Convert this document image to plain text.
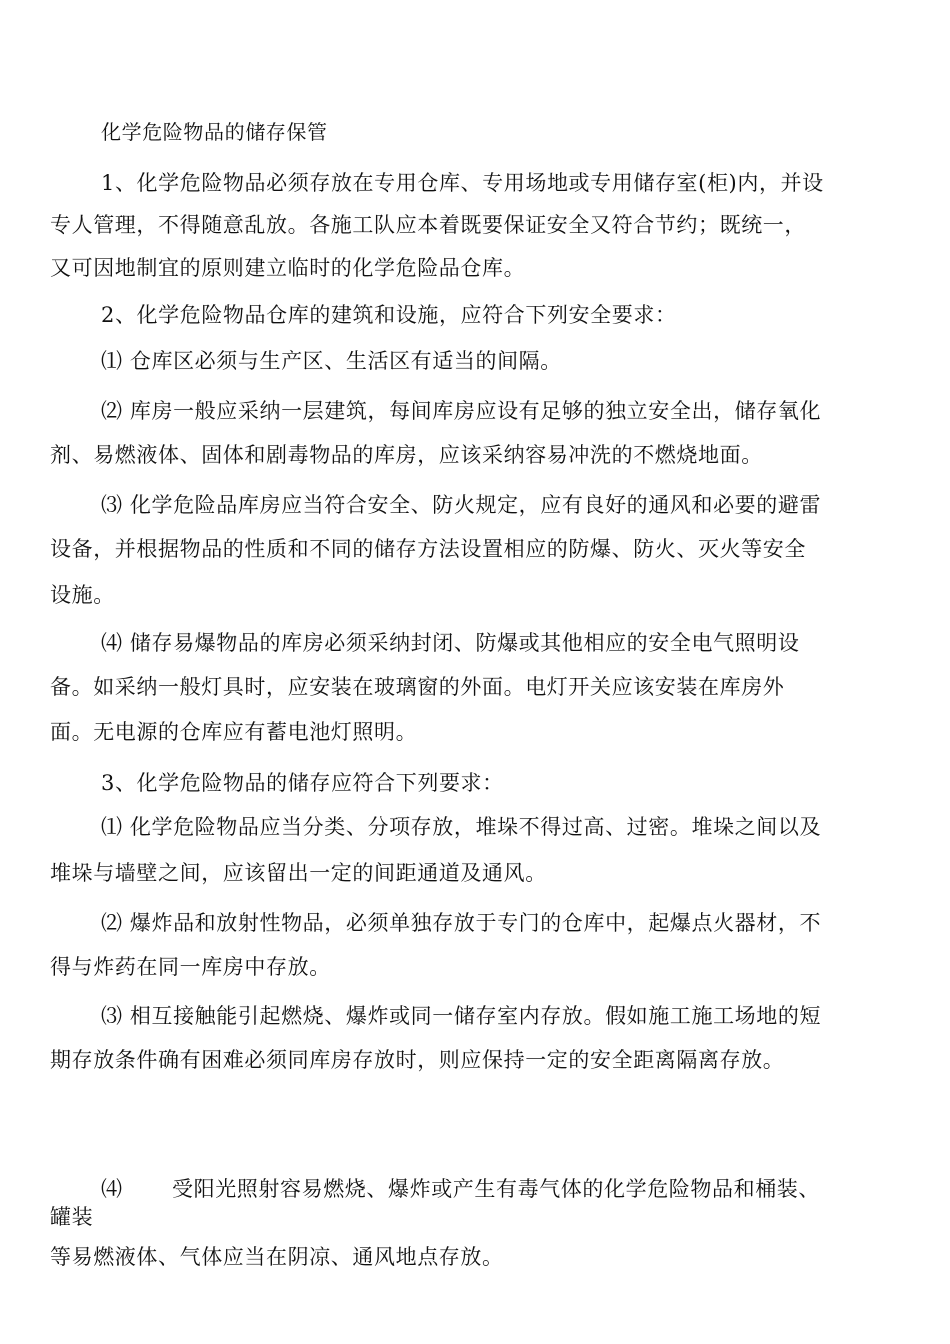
化学危险物品的储存保管
1、化学危险物品必须存放在专用仓库、专用场地或专用储存室(柜)内，并设
专人管理，不得随意乱放。各施工队应本着既要保证安全又符合节约；既统一，
又可因地制宜的原则建立临时的化学危险品仓库。
2、化学危险物品仓库的建筑和设施，应符合下列安全要求：
⑴ 仓库区必须与生产区、生活区有适当的间隔。
⑵ 库房一般应采纳一层建筑，每间库房应设有足够的独立安全出，储存氧化
剂、易燃液体、固体和剧毒物品的库房，应该采纳容易冲洗的不燃烧地面。
⑶ 化学危险品库房应当符合安全、防火规定，应有良好的通风和必要的避雷
设备，并根据物品的性质和不同的储存方法设置相应的防爆、防火、灭火等安全
设施。
⑷ 储存易爆物品的库房必须采纳封闭、防爆或其他相应的安全电气照明设
备。如采纳一般灯具时，应安装在玻璃窗的外面。电灯开关应该安装在库房外
面。无电源的仓库应有蓄电池灯照明。
3、化学危险物品的储存应符合下列要求：
⑴ 化学危险物品应当分类、分项存放，堆垛不得过高、过密。堆垛之间以及
堆垛与墙壁之间，应该留出一定的间距通道及通风。
⑵ 爆炸品和放射性物品，必须单独存放于专门的仓库中，起爆点火器材，不
得与炸药在同一库房中存放。
⑶ 相互接触能引起燃烧、爆炸或同一储存室内存放。假如施工施工场地的短
期存放条件确有困难必须同库房存放时，则应保持一定的安全距离隔离存放。
⑷ 受阳光照射容易燃烧、爆炸或产生有毒气体的化学危险物品和桶装、
罐装
等易燃液体、气体应当在阴凉、通风地点存放。
